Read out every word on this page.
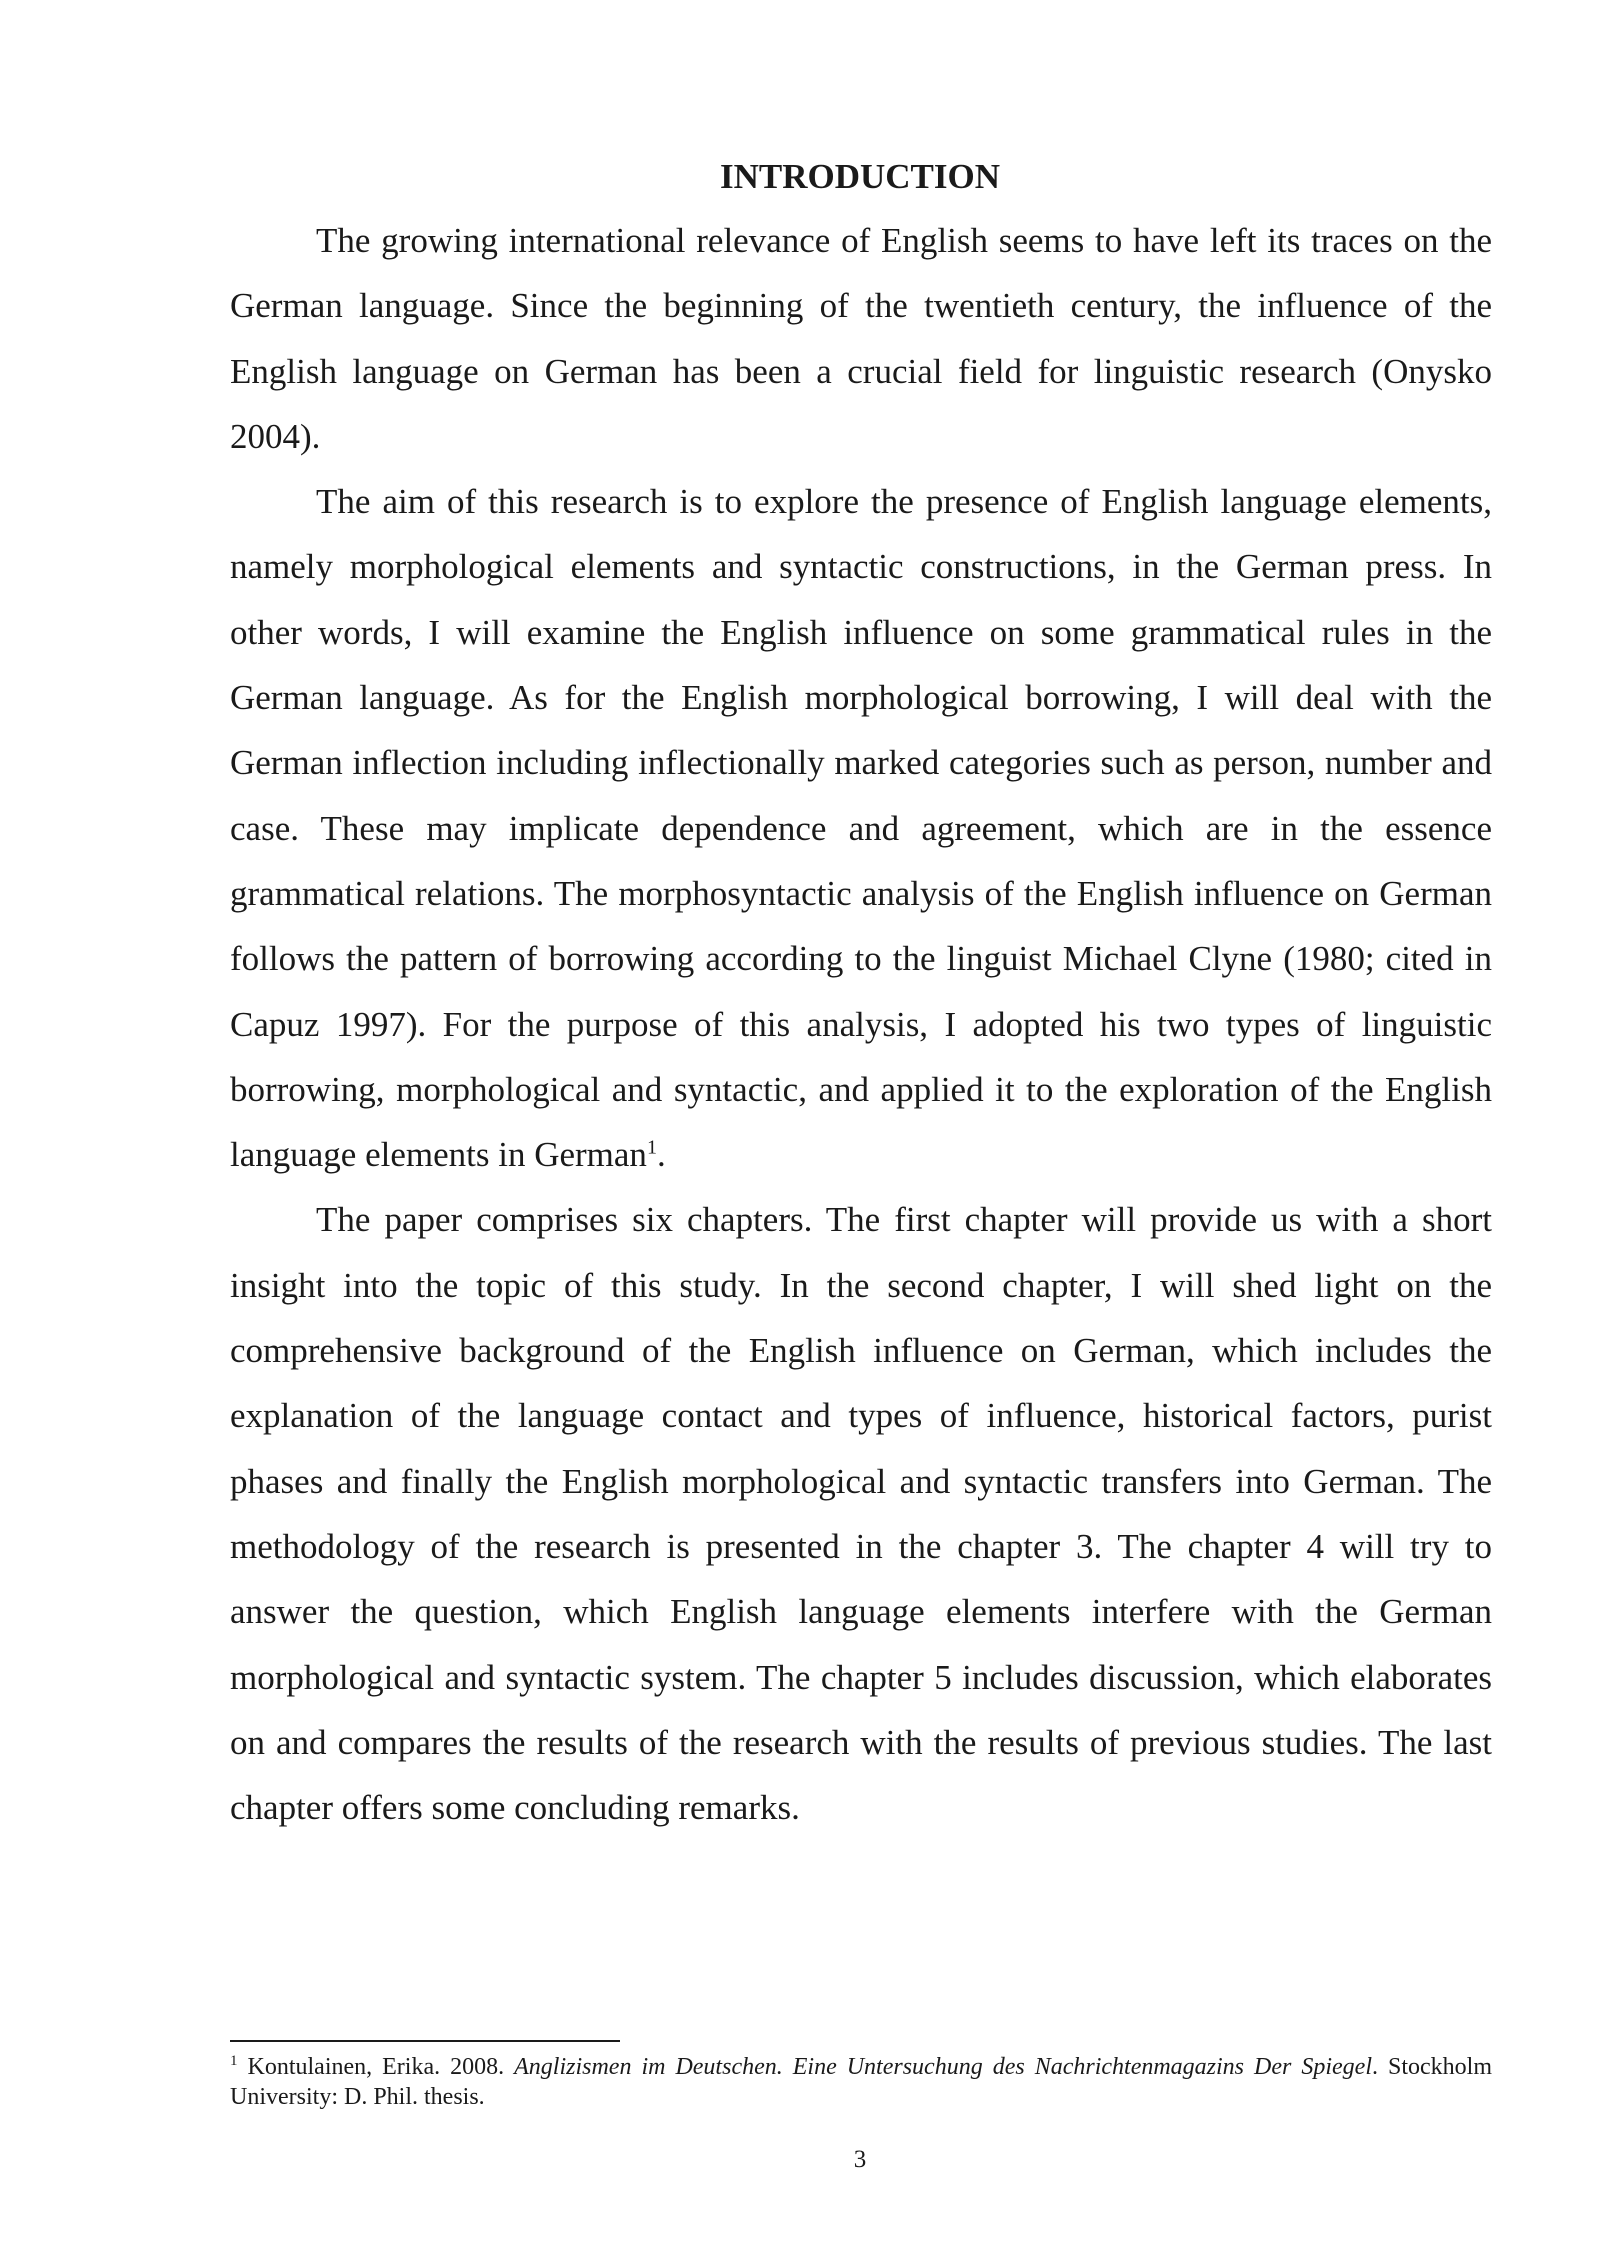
INTRODUCTION

The growing international relevance of English seems to have left its traces on the German language. Since the beginning of the twentieth century, the influence of the English language on German has been a crucial field for linguistic research (Onysko 2004).

The aim of this research is to explore the presence of English language elements, namely morphological elements and syntactic constructions, in the German press. In other words, I will examine the English influence on some grammatical rules in the German language. As for the English morphological borrowing, I will deal with the German inflection including inflectionally marked categories such as person, number and case. These may implicate dependence and agreement, which are in the essence grammatical relations. The morphosyntactic analysis of the English influence on German follows the pattern of borrowing according to the linguist Michael Clyne (1980; cited in Capuz 1997). For the purpose of this analysis, I adopted his two types of linguistic borrowing, morphological and syntactic, and applied it to the exploration of the English language elements in German$^1$.

The paper comprises six chapters. The first chapter will provide us with a short insight into the topic of this study. In the second chapter, I will shed light on the comprehensive background of the English influence on German, which includes the explanation of the language contact and types of influence, historical factors, purist phases and finally the English morphological and syntactic transfers into German. The methodology of the research is presented in the chapter 3. The chapter 4 will try to answer the question, which English language elements interfere with the German morphological and syntactic system. The chapter 5 includes discussion, which elaborates on and compares the results of the research with the results of previous studies. The last chapter offers some concluding remarks.

$^1$ Kontulainen, Erika. 2008. Anglizismen im Deutschen. Eine Untersuchung des Nachrichtenmagazins Der Spiegel. Stockholm University: D. Phil. thesis.

3
